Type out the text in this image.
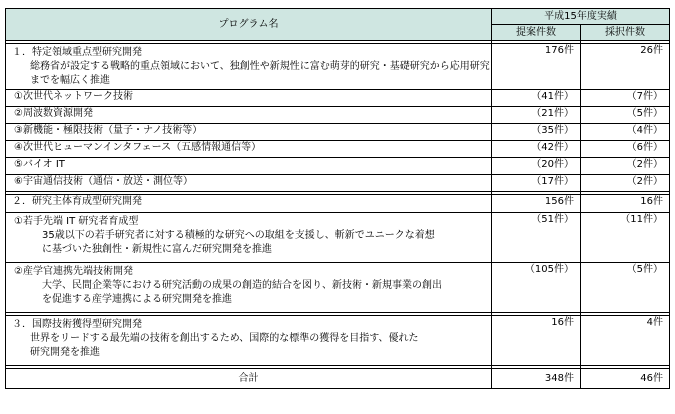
プログラム名	平成15年度実績	
	提案件数	採択件数

１．特定領域重点型研究開発
総務省が設定する戦略的重点領域において、独創性や新規性に富む萌芽的研究・基礎研究から応用研究までを幅広く推進	176件	26件
①次世代ネットワーク技術	（41件）	（7件）
②周波数資源開発	（21件）	（5件）
③新機能・極限技術（量子・ナノ技術等）	（35件）	（4件）
④次世代ヒューマンインタフェース（五感情報通信等）	（42件）	（6件）
⑤バイオ IT	（20件）	（2件）
⑥宇宙通信技術（通信・放送・測位等）	（17件）	（2件）

２．研究主体育成型研究開発	156件	16件

①若手先端 IT 研究者育成型
35歳以下の若手研究者に対する積極的な研究への取組を支援し、斬新でユニークな着想
に基づいた独創性・新規性に富んだ研究開発を推進	（51件）	（11件）

②産学官連携先端技術開発
大学、民間企業等における研究活動の成果の創造的結合を図り、新技術・新規事業の創出
を促進する産学連携による研究開発を推進	（105件）	（5件）

３．国際技術獲得型研究開発
世界をリードする最先端の技術を創出するため、国際的な標準の獲得を目指す、優れた
研究開発を推進	16件	4件

合計	348件	46件
